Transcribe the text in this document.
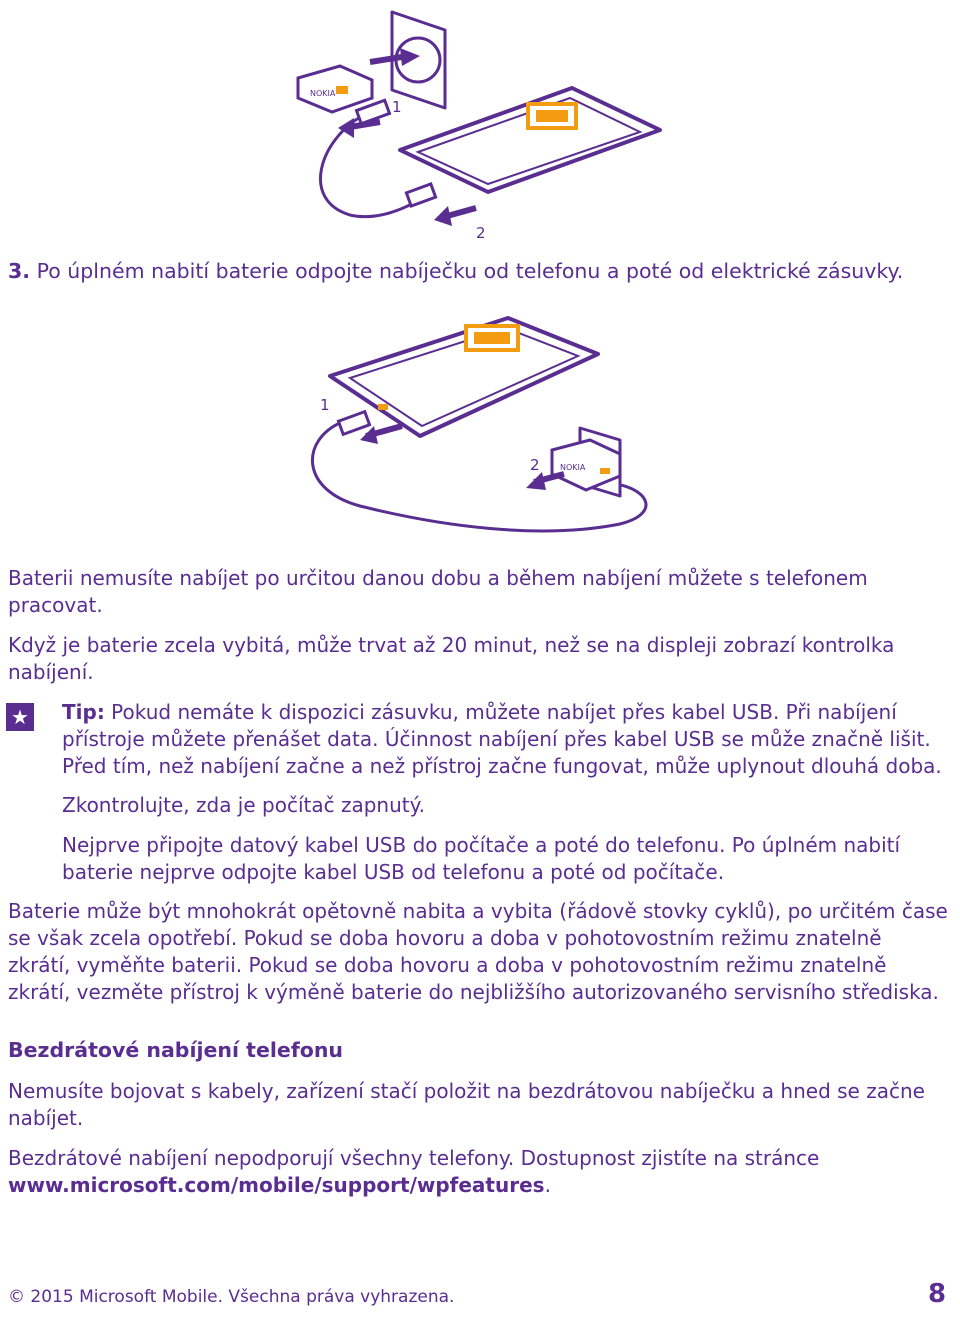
NOKIA
1
2
3. Po úplném nabití baterie odpojte nabíječku od telefonu a poté od elektrické zásuvky.
NOKIA
1
2

Baterii nemusíte nabíjet po určitou danou dobu a během nabíjení můžete s telefonem pracovat.

Když je baterie zcela vybitá, může trvat až 20 minut, než se na displeji zobrazí kontrolka nabíjení.

★ Tip: Pokud nemáte k dispozici zásuvku, můžete nabíjet přes kabel USB. Při nabíjení přístroje můžete přenášet data. Účinnost nabíjení přes kabel USB se může značně lišit. Před tím, než nabíjení začne a než přístroj začne fungovat, může uplynout dlouhá doba.

Zkontrolujte, zda je počítač zapnutý.

Nejprve připojte datový kabel USB do počítače a poté do telefonu. Po úplném nabití baterie nejprve odpojte kabel USB od telefonu a poté od počítače.

Baterie může být mnohokrát opětovně nabita a vybita (řádově stovky cyklů), po určitém čase se však zcela opotřebí. Pokud se doba hovoru a doba v pohotovostním režimu znatelně zkrátí, vyměňte baterii. Pokud se doba hovoru a doba v pohotovostním režimu znatelně zkrátí, vezměte přístroj k výměně baterie do nejbližšího autorizovaného servisního střediska.

Bezdrátové nabíjení telefonu

Nemusíte bojovat s kabely, zařízení stačí položit na bezdrátovou nabíječku a hned se začne nabíjet.

Bezdrátové nabíjení nepodporují všechny telefony. Dostupnost zjistíte na stránce www.microsoft.com/mobile/support/wpfeatures.

© 2015 Microsoft Mobile. Všechna práva vyhrazena.	8
